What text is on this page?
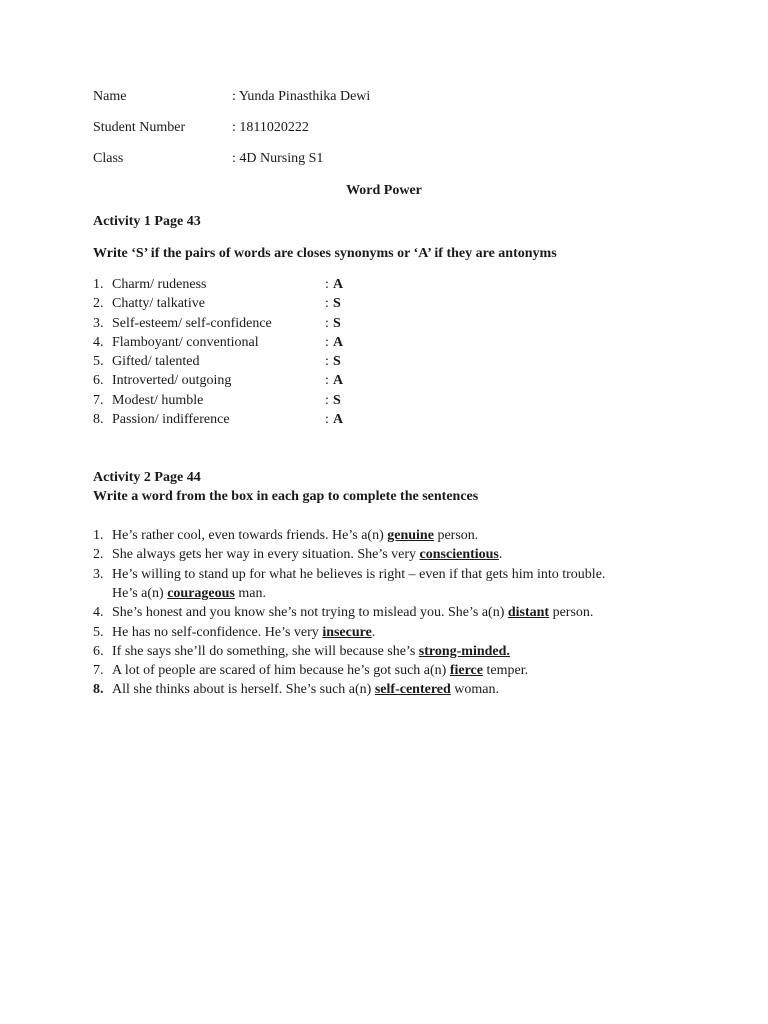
Name	: Yunda Pinasthika Dewi
Student Number	: 1811020222
Class	: 4D Nursing S1
Word Power
Activity 1 Page 43
Write ‘S’ if the pairs of words are closes synonyms or ‘A’ if they are antonyms
1. Charm/ rudeness	: A
2. Chatty/ talkative	: S
3. Self-esteem/ self-confidence	: S
4. Flamboyant/ conventional	: A
5. Gifted/ talented	: S
6. Introverted/ outgoing	: A
7. Modest/ humble	: S
8. Passion/ indifference	: A
Activity 2 Page 44
Write a word from the box in each gap to complete the sentences
1. He’s rather cool, even towards friends. He’s a(n) genuine person.
2. She always gets her way in every situation. She’s very conscientious.
3. He’s willing to stand up for what he believes is right – even if that gets him into trouble.
He’s a(n) courageous man.
4. She’s honest and you know she’s not trying to mislead you. She’s a(n) distant person.
5. He has no self-confidence. He’s very insecure.
6. If she says she’ll do something, she will because she’s strong-minded.
7. A lot of people are scared of him because he’s got such a(n) fierce temper.
8. All she thinks about is herself. She’s such a(n) self-centered woman.
